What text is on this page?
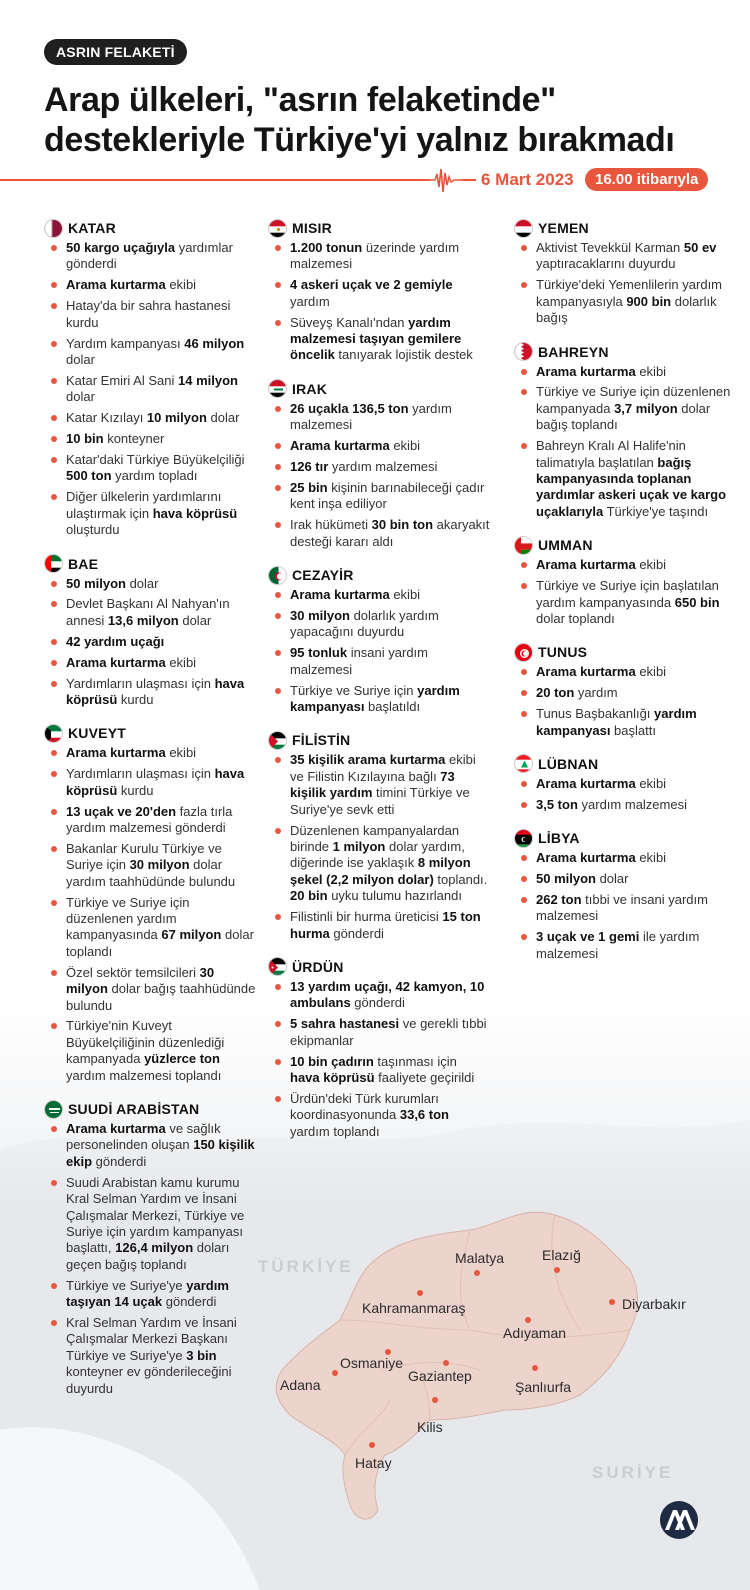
Malatya	Elazığ
Diyarbakır
Kahramanmaraş
Adıyaman
Osmaniye
Adana
Gaziantep
Şanlıurfa
Kilis
Hatay
TÜRKİYE
SURİYE
ASRIN FELAKETİ
Arap ülkeleri, "asrın felaketinde"
destekleriyle Türkiye'yi yalnız bırakmadı
6 Mart 2023	16.00 itibarıyla
KATAR
50 kargo uçağıyla yardımlar gönderdi
Arama kurtarma ekibi
Hatay'da bir sahra hastanesi kurdu
Yardım kampanyası 46 milyon dolar
Katar Emiri Al Sani 14 milyon dolar
Katar Kızılayı 10 milyon dolar
10 bin konteyner
Katar'daki Türkiye Büyükelçiliği 500 ton yardım topladı
Diğer ülkelerin yardımlarını ulaştırmak için hava köprüsü oluşturdu
BAE
50 milyon dolar
Devlet Başkanı Al Nahyan'ın annesi 13,6 milyon dolar
42 yardım uçağı
Arama kurtarma ekibi
Yardımların ulaşması için hava köprüsü kurdu
KUVEYT
Arama kurtarma ekibi
Yardımların ulaşması için hava köprüsü kurdu
13 uçak ve 20'den fazla tırla yardım malzemesi gönderdi
Bakanlar Kurulu Türkiye ve Suriye için 30 milyon dolar yardım taahhüdünde bulundu
Türkiye ve Suriye için düzenlenen yardım kampanyasında 67 milyon dolar toplandı
Özel sektör temsilcileri 30 milyon dolar bağış taahhüdünde bulundu
Türkiye'nin Kuveyt Büyükelçiliğinin düzenlediği kampanyada yüzlerce ton yardım malzemesi toplandı
SUUDİ ARABİSTAN
Arama kurtarma ve sağlık personelinden oluşan 150 kişilik ekip gönderdi
Suudi Arabistan kamu kurumu Kral Selman Yardım ve İnsani Çalışmalar Merkezi, Türkiye ve Suriye için yardım kampanyası başlattı, 126,4 milyon doları geçen bağış toplandı
Türkiye ve Suriye'ye yardım taşıyan 14 uçak gönderdi
Kral Selman Yardım ve İnsani Çalışmalar Merkezi Başkanı Türkiye ve Suriye'ye 3 bin konteyner ev gönderileceğini duyurdu
MISIR
1.200 tonun üzerinde yardım malzemesi
4 askeri uçak ve 2 gemiyle yardım
Süveyş Kanalı'ndan yardım malzemesi taşıyan gemilere öncelik tanıyarak lojistik destek
IRAK
26 uçakla 136,5 ton yardım malzemesi
Arama kurtarma ekibi
126 tır yardım malzemesi
25 bin kişinin barınabileceği çadır kent inşa ediliyor
Irak hükümeti 30 bin ton akaryakıt desteği kararı aldı
CEZAYİR
Arama kurtarma ekibi
30 milyon dolarlık yardım yapacağını duyurdu
95 tonluk insani yardım malzemesi
Türkiye ve Suriye için yardım kampanyası başlatıldı
FİLİSTİN
35 kişilik arama kurtarma ekibi ve Filistin Kızılayına bağlı 73 kişilik yardım timini Türkiye ve Suriye'ye sevk etti
Düzenlenen kampanyalardan birinde 1 milyon dolar yardım, diğerinde ise yaklaşık 8 milyon şekel (2,2 milyon dolar) toplandı. 20 bin uyku tulumu hazırlandı
Filistinli bir hurma üreticisi 15 ton hurma gönderdi
ÜRDÜN
13 yardım uçağı, 42 kamyon, 10 ambulans gönderdi
5 sahra hastanesi ve gerekli tıbbi ekipmanlar
10 bin çadırın taşınması için hava köprüsü faaliyete geçirildi
Ürdün'deki Türk kurumları koordinasyonunda 33,6 ton yardım toplandı
YEMEN
Aktivist Tevekkül Karman 50 ev yaptıracaklarını duyurdu
Türkiye'deki Yemenlilerin yardım kampanyasıyla 900 bin dolarlık bağış
BAHREYN
Arama kurtarma ekibi
Türkiye ve Suriye için düzenlenen kampanyada 3,7 milyon dolar bağış toplandı
Bahreyn Kralı Al Halife'nin talimatıyla başlatılan bağış kampanyasında toplanan yardımlar askeri uçak ve kargo uçaklarıyla Türkiye'ye taşındı
UMMAN
Arama kurtarma ekibi
Türkiye ve Suriye için başlatılan yardım kampanyasında 650 bin dolar toplandı
TUNUS
Arama kurtarma ekibi
20 ton yardım
Tunus Başbakanlığı yardım kampanyası başlattı
LÜBNAN
Arama kurtarma ekibi
3,5 ton yardım malzemesi
LİBYA
Arama kurtarma ekibi
50 milyon dolar
262 ton tıbbi ve insani yardım malzemesi
3 uçak ve 1 gemi ile yardım malzemesi
